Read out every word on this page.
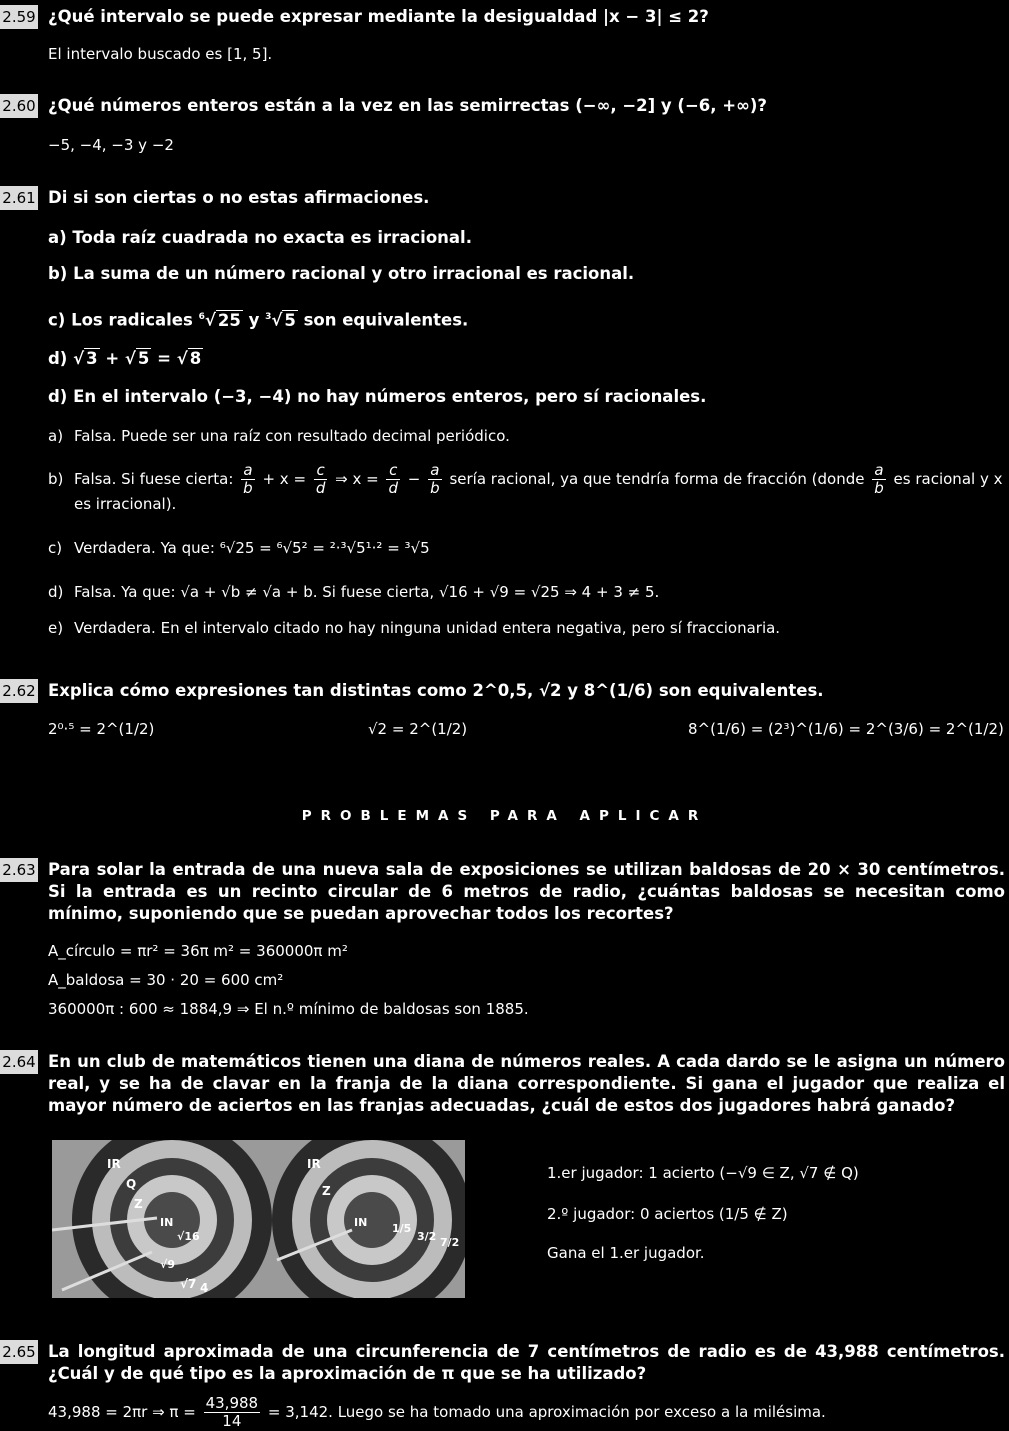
2.59 ¿Qué intervalo se puede expresar mediante la desigualdad |x − 3| ≤ 2?
El intervalo buscado es [1, 5].
2.60 ¿Qué números enteros están a la vez en las semirrectas (−∞, −2] y (−6, +∞)?
−5, −4, −3 y −2
2.61 Di si son ciertas o no estas afirmaciones.
a) Toda raíz cuadrada no exacta es irracional.
b) La suma de un número racional y otro irracional es racional.
c) Los radicales $^6$√ 25 y $^3$√ 5 son equivalentes.
d) √ 3 + √ 5 = √ 8
d) En el intervalo (−3, −4) no hay números enteros, pero sí racionales.
a) Falsa. Puede ser una raíz con resultado decimal periódico.
b) Falsa. Si fuese cierta: $\frac{a}{b} + x = \frac{c}{d}$ ⇒ $x = \frac{c}{d} - \frac{a}{b}$ sería racional, ya que tendría forma de fracción (donde $\frac{a}{b}$ es racional y x
es irracional).
c) Verdadera. Ya que: ⁶√25 = ⁶√5² = ²·³√5¹·² = ³√5
d) Falsa. Ya que: √a + √b ≠ √a + b. Si fuese cierta, √16 + √9 = √25 ⇒ 4 + 3 ≠ 5.
e) Verdadera. En el intervalo citado no hay ninguna unidad entera negativa, pero sí fraccionaria.
2.62 Explica cómo expresiones tan distintas como 2^0,5, √2 y 8^(1/6) son equivalentes.
2⁰·⁵ = 2^(1/2)	√2 = 2^(1/2)	8^(1/6) = (2³)^(1/6) = 2^(3/6) = 2^(1/2)
PROBLEMAS PARA APLICAR
2.63 Para solar la entrada de una nueva sala de exposiciones se utilizan baldosas de 20 × 30 centímetros. Si la entrada es un recinto circular de 6 metros de radio, ¿cuántas baldosas se necesitan como mínimo, suponiendo que se puedan aprovechar todos los recortes?
A_círculo = πr² = 36π m² = 360000π m²
A_baldosa = 30 · 20 = 600 cm²
360000π : 600 ≈ 1884,9 ⇒ El n.º mínimo de baldosas son 1885.
2.64 En un club de matemáticos tienen una diana de números reales. A cada dardo se le asigna un número real, y se ha de clavar en la franja de la diana correspondiente. Si gana el jugador que realiza el mayor número de aciertos en las franjas adecuadas, ¿cuál de estos dos jugadores habrá ganado?
IR
Q
Z
IN
√16
√9
√7 4
IR
Z
IN 1/5
3/2 7/2
1.er jugador: 1 acierto (−√9 ∈ Z, √7 ∉ Q)
2.º jugador: 0 aciertos (1/5 ∉ Z)
Gana el 1.er jugador.
2.65 La longitud aproximada de una circunferencia de 7 centímetros de radio es de 43,988 centímetros. ¿Cuál y de qué tipo es la aproximación de π que se ha utilizado?
43,988 = 2πr ⇒ $\pi = \frac{43,988}{14} = 3,142$. Luego se ha tomado una aproximación por exceso a la milésima.
